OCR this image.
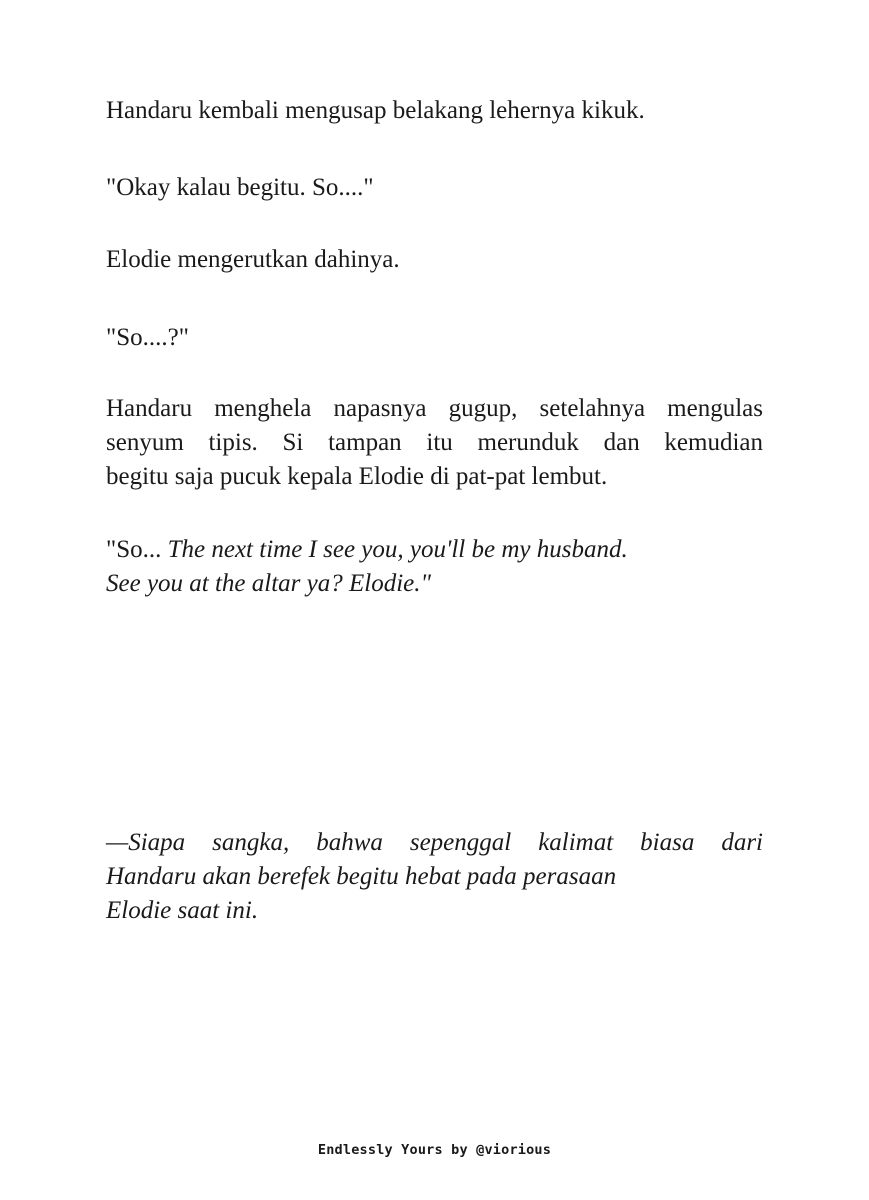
Handaru kembali mengusap belakang lehernya kikuk.

"Okay kalau begitu. So...."

Elodie mengerutkan dahinya.

"So....?"

Handaru menghela napasnya gugup, setelahnya mengulas
senyum tipis. Si tampan itu merunduk dan kemudian
begitu saja pucuk kepala Elodie di pat-pat lembut.
"So... The next time I see you, you'll be my husband.
See you at the altar ya? Elodie."
—Siapa sangka, bahwa sepenggal kalimat biasa dari
Handaru akan berefek begitu hebat pada perasaan
Elodie saat ini.
Endlessly Yours by @viorious
